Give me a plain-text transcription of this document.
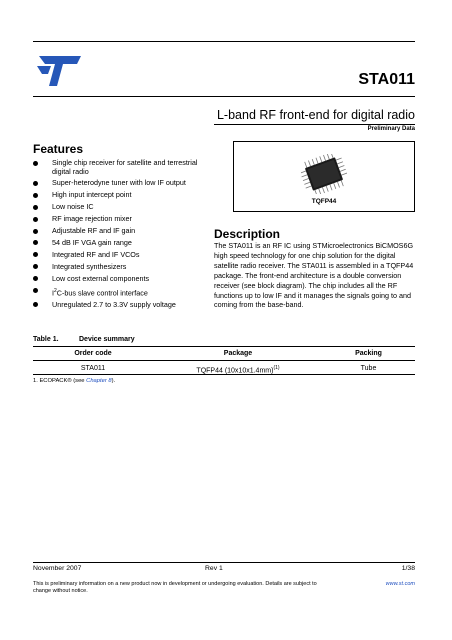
STA011
L-band RF front-end for digital radio
Preliminary Data
Features
Single chip receiver for satellite and terrestrial digital radio
Super-heterodyne tuner with low IF output
High input intercept point
Low noise IC
RF image rejection mixer
Adjustable RF and IF gain
54 dB IF VGA gain range
Integrated RF and IF VCOs
Integrated synthesizers
Low cost external components
$I^2C$-bus slave control interface
Unregulated 2.7 to 3.3V supply voltage
TQFP44
Description

The STA011 is an RF IC using STMicroelectronics BiCMOS6G high speed technology for one chip solution for the digital satellite radio receiver. The STA011 is assembled in a TQFP44 package. The front-end architecture is a double conversion receiver (see block diagram). The chip includes all the RF functions up to low IF and it manages the signals going to and coming from the base-band.

Table 1.	Device summary
Order code	Package	Packing
STA011	TQFP44 $(10x10x1.4mm)^{(1)}$	Tube
1. ECOPACK® (see Chapter 8).
November 2007	Rev 1	1/38

This is preliminary information on a new product now in development or undergoing evaluation. Details are subject to change without notice.

www.st.com
